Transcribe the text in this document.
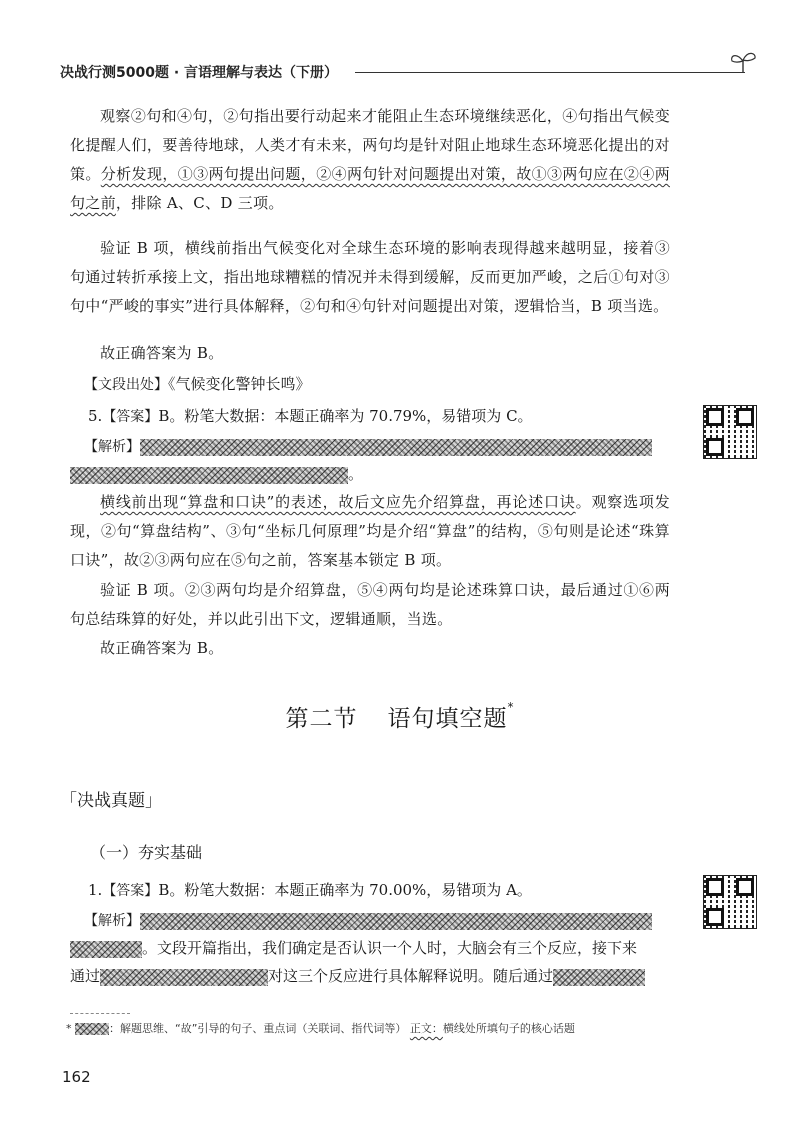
决战行测5000题 · 言语理解与表达（下册）
观察②句和④句，②句指出要行动起来才能阻止生态环境继续恶化，④句指出气候变化提醒人们，要善待地球，人类才有未来，两句均是针对阻止地球生态环境恶化提出的对策。分析发现，①③两句提出问题，②④两句针对问题提出对策，故①③两句应在②④两句之前，排除 A、C、D 三项。
验证 B 项，横线前指出气候变化对全球生态环境的影响表现得越来越明显，接着③句通过转折承接上文，指出地球糟糕的情况并未得到缓解，反而更加严峻，之后①句对③句中“严峻的事实”进行具体解释，②句和④句针对问题提出对策，逻辑恰当，B 项当选。
故正确答案为 B。
【文段出处】《气候变化警钟长鸣》
5.【答案】B。粉笔大数据：本题正确率为 70.79%，易错项为 C。
【解析】
。
横线前出现“算盘和口诀”的表述，故后文应先介绍算盘，再论述口诀。观察选项发现，②句“算盘结构”、③句“坐标几何原理”均是介绍“算盘”的结构，⑤句则是论述“珠算口诀”，故②③两句应在⑤句之前，答案基本锁定 B 项。
验证 B 项。②③两句均是介绍算盘，⑤④两句均是论述珠算口诀，最后通过①⑥两句总结珠算的好处，并以此引出下文，逻辑通顺，当选。
故正确答案为 B。
第二节 语句填空题*
「决战真题」
（一）夯实基础
1.【答案】B。粉笔大数据：本题正确率为 70.00%，易错项为 A。
【解析】
。文段开篇指出，我们确定是否认识一个人时，大脑会有三个反应，接下来
通过	对这三个反应进行具体解释说明。随后通过
*	：解题思维、“故”引导的句子、重点词（关联词、指代词等） 正文：横线处所填句子的核心话题
162
